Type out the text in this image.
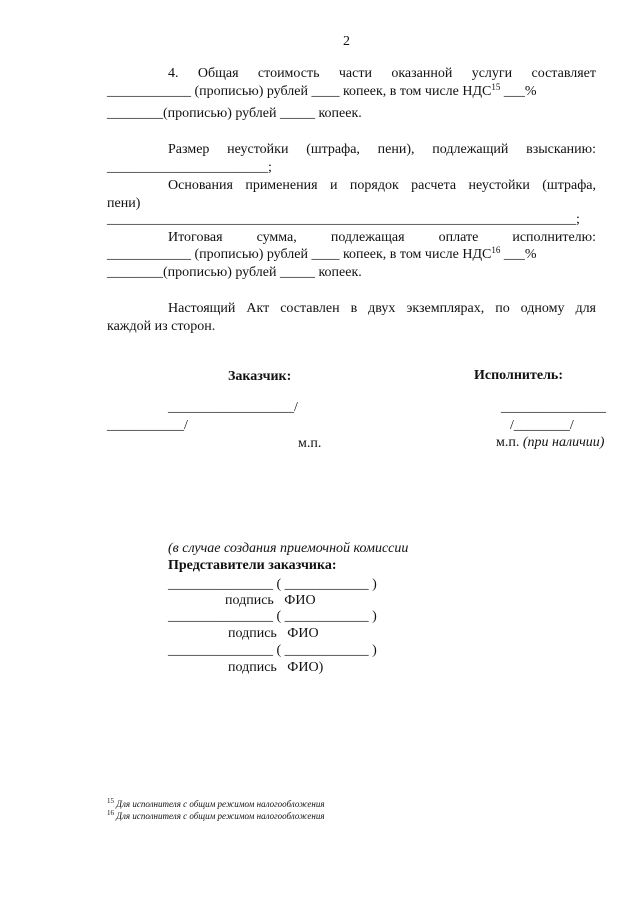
2
4. Общая стоимость части оказанной услуги составляет
____________ (прописью) рублей ____ копеек, в том числе НДС$^{15}$ ___%
________(прописью) рублей _____ копеек.
Размер неустойки (штрафа, пени), подлежащий взысканию:
_______________________;
Основания применения и порядок расчета неустойки (штрафа,
пени)
___________________________________________________________________;
Итоговая сумма, подлежащая оплате исполнителю:
____________ (прописью) рублей ____ копеек, в том числе НДС$^{16}$ ___%
________(прописью) рублей _____ копеек.
Настоящий Акт составлен в двух экземплярах, по одному для
каждой из сторон.
Заказчик:	Исполнитель:
__________________/	_______________
___________/	/________/
м.п.	м.п. (при наличии)
(в случае создания приемочной комиссии
Представители заказчика:
_______________ ( ____________ )
подпись   ФИО
_______________ ( ____________ )
подпись   ФИО
_______________ ( ____________ )
подпись   ФИО)
$^{15}$ Для исполнителя с общим режимом налогообложения
$^{16}$ Для исполнителя с общим режимом налогообложения
